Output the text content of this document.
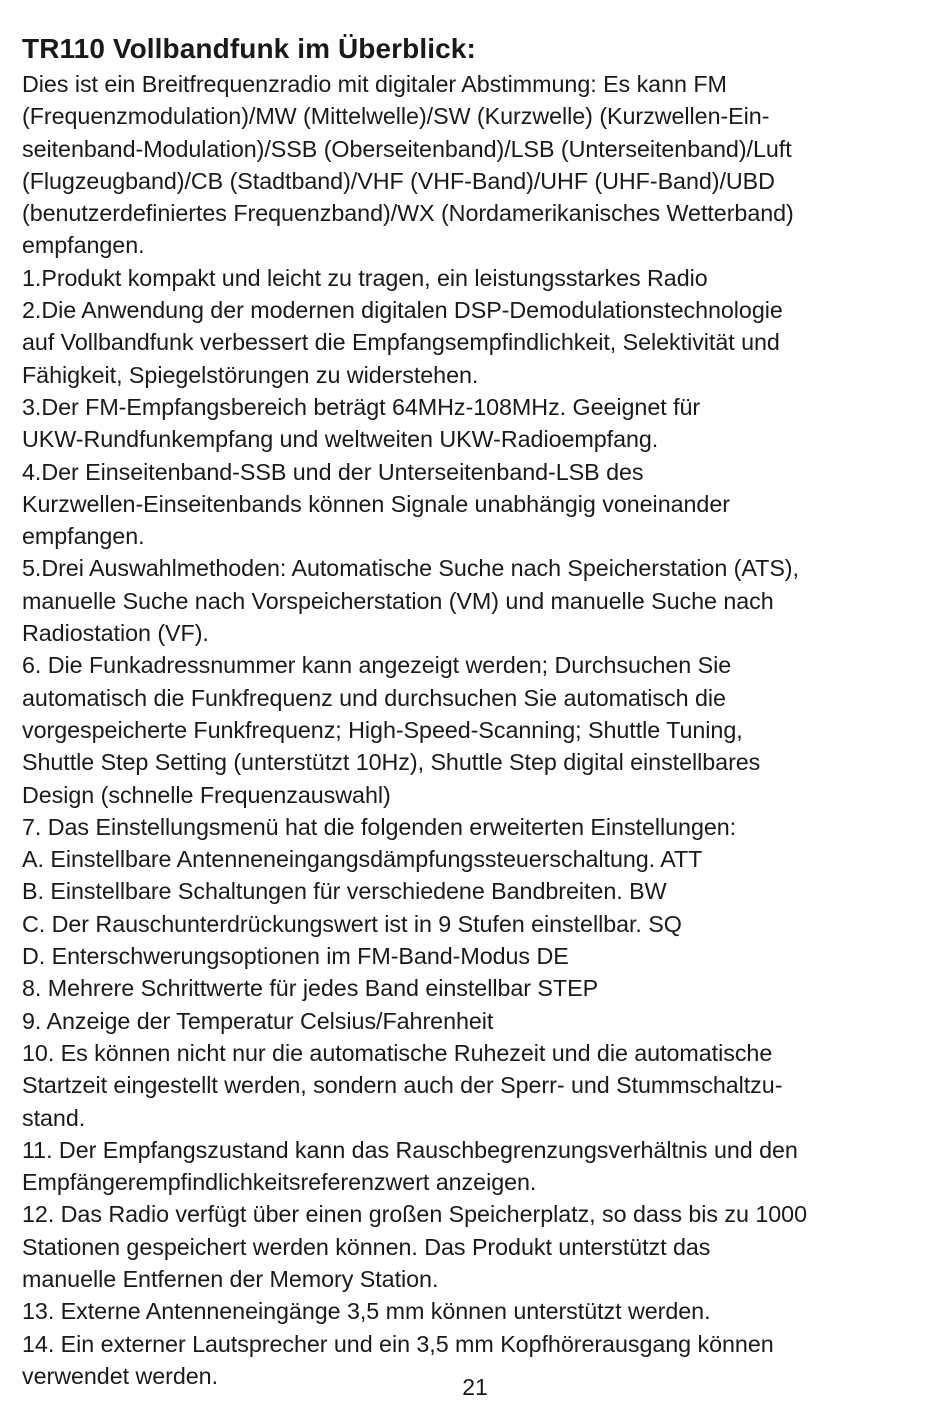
TR110 Vollbandfunk im Überblick:

Dies ist ein Breitfrequenzradio mit digitaler Abstimmung: Es kann FM

(Frequenzmodulation)/MW (Mittelwelle)/SW (Kurzwelle) (Kurzwellen-Ein-

seitenband-Modulation)/SSB (Oberseitenband)/LSB (Unterseitenband)/Luft

(Flugzeugband)/CB (Stadtband)/VHF (VHF-Band)/UHF (UHF-Band)/UBD

(benutzerdefiniertes Frequenzband)/WX (Nordamerikanisches Wetterband)

empfangen.

1.Produkt kompakt und leicht zu tragen, ein leistungsstarkes Radio

2.Die Anwendung der modernen digitalen DSP-Demodulationstechnologie

auf Vollbandfunk verbessert die Empfangsempfindlichkeit, Selektivität und

Fähigkeit, Spiegelstörungen zu widerstehen.

3.Der FM-Empfangsbereich beträgt 64MHz-108MHz. Geeignet für

UKW-Rundfunkempfang und weltweiten UKW-Radioempfang.

4.Der Einseitenband-SSB und der Unterseitenband-LSB des

Kurzwellen-Einseitenbands können Signale unabhängig voneinander

empfangen.

5.Drei Auswahlmethoden: Automatische Suche nach Speicherstation (ATS),

manuelle Suche nach Vorspeicherstation (VM) und manuelle Suche nach

Radiostation (VF).

6. Die Funkadressnummer kann angezeigt werden; Durchsuchen Sie

automatisch die Funkfrequenz und durchsuchen Sie automatisch die

vorgespeicherte Funkfrequenz; High-Speed-Scanning; Shuttle Tuning,

Shuttle Step Setting (unterstützt 10Hz), Shuttle Step digital einstellbares

Design (schnelle Frequenzauswahl)

7. Das Einstellungsmenü hat die folgenden erweiterten Einstellungen:

A. Einstellbare Antenneneingangsdämpfungssteuerschaltung. ATT

B. Einstellbare Schaltungen für verschiedene Bandbreiten. BW

C. Der Rauschunterdrückungswert ist in 9 Stufen einstellbar. SQ

D. Enterschwerungsoptionen im FM-Band-Modus DE

8. Mehrere Schrittwerte für jedes Band einstellbar STEP

9. Anzeige der Temperatur Celsius/Fahrenheit

10. Es können nicht nur die automatische Ruhezeit und die automatische

Startzeit eingestellt werden, sondern auch der Sperr- und Stummschaltzu-

stand.

11. Der Empfangszustand kann das Rauschbegrenzungsverhältnis und den

Empfängerempfindlichkeitsreferenzwert anzeigen.

12. Das Radio verfügt über einen großen Speicherplatz, so dass bis zu 1000

Stationen gespeichert werden können. Das Produkt unterstützt das

manuelle Entfernen der Memory Station.

13. Externe Antenneneingänge 3,5 mm können unterstützt werden.

14. Ein externer Lautsprecher und ein 3,5 mm Kopfhörerausgang können

verwendet werden.	21
